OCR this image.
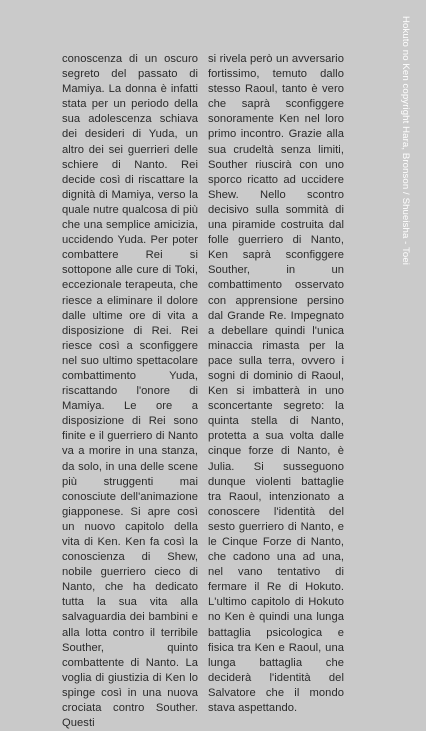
conoscenza di un oscuro segreto del passato di Mamiya. La donna è infatti stata per un periodo della sua adolescenza schiava dei desideri di Yuda, un altro dei sei guerrieri delle schiere di Nanto. Rei decide così di riscattare la dignità di Mamiya, verso la quale nutre qualcosa di più che una semplice amicizia, uccidendo Yuda. Per poter combattere Rei si sottopone alle cure di Toki, eccezionale terapeuta, che riesce a eliminare il dolore dalle ultime ore di vita a disposizione di Rei. Rei riesce così a sconfiggere nel suo ultimo spettacolare combattimento Yuda, riscattando l'onore di Mamiya. Le ore a disposizione di Rei sono finite e il guerriero di Nanto va a morire in una stanza, da solo, in una delle scene più struggenti mai conosciute dell'animazione giapponese. Si apre così un nuovo capitolo della vita di Ken. Ken fa così la conoscienza di Shew, nobile guerriero cieco di Nanto, che ha dedicato tutta la sua vita alla salvaguardia dei bambini e alla lotta contro il terribile Souther, quinto combattente di Nanto. La voglia di giustizia di Ken lo spinge così in una nuova crociata contro Souther. Questi

si rivela però un avversario fortissimo, temuto dallo stesso Raoul, tanto è vero che saprà sconfiggere sonoramente Ken nel loro primo incontro. Grazie alla sua crudeltà senza limiti, Souther riuscirà con uno sporco ricatto ad uccidere Shew. Nello scontro decisivo sulla sommità di una piramide costruita dal folle guerriero di Nanto, Ken saprà sconfiggere Souther, in un combattimento osservato con apprensione persino dal Grande Re. Impegnato a debellare quindi l'unica minaccia rimasta per la pace sulla terra, ovvero i sogni di dominio di Raoul, Ken si imbatterà in uno sconcertante segreto: la quinta stella di Nanto, protetta a sua volta dalle cinque forze di Nanto, è Julia. Si susseguono dunque violenti battaglie tra Raoul, intenzionato a conoscere l'identità del sesto guerriero di Nanto, e le Cinque Forze di Nanto, che cadono una ad una, nel vano tentativo di fermare il Re di Hokuto. L'ultimo capitolo di Hokuto no Ken è quindi una lunga battaglia psicologica e fisica tra Ken e Raoul, una lunga battaglia che deciderà l'identità del Salvatore che il mondo stava aspettando.

Hokuto no Ken copyright Hara, Bronson / Shueisha - Toei
